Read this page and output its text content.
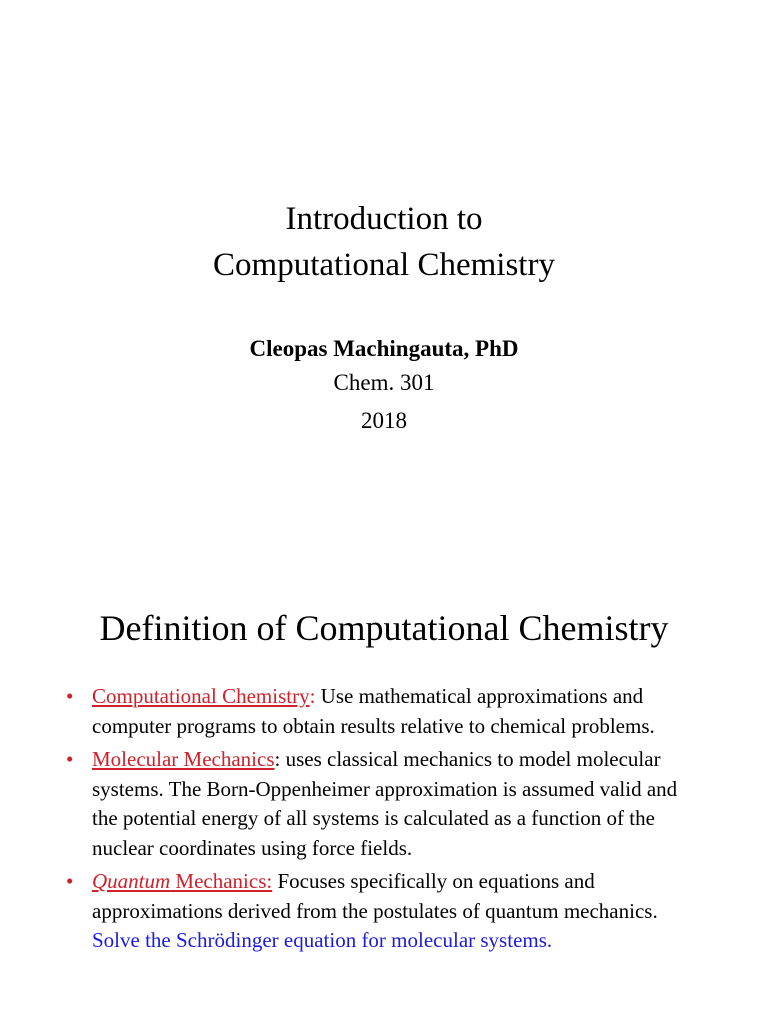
Introduction to
Computational Chemistry
Cleopas Machingauta, PhD
Chem. 301
2018
Definition of Computational Chemistry
• Computational Chemistry: Use mathematical approximations and computer programs to obtain results relative to chemical problems.
• Molecular Mechanics: uses classical mechanics to model molecular systems. The Born-Oppenheimer approximation is assumed valid and the potential energy of all systems is calculated as a function of the nuclear coordinates using force fields.
• Quantum Mechanics: Focuses specifically on equations and approximations derived from the postulates of quantum mechanics. Solve the Schrödinger equation for molecular systems.
